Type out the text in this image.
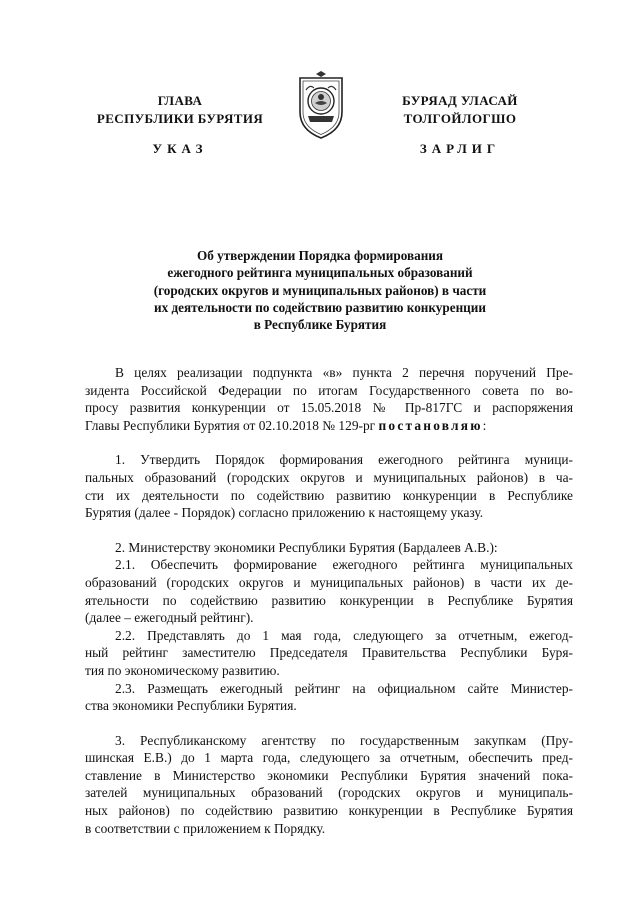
ГЛАВА
РЕСПУБЛИКИ БУРЯТИЯ
УКАЗ
БУРЯАД УЛАСАЙ
ТОЛГОЙЛОГШО
ЗАРЛИГ
Об утверждении Порядка формирования
ежегодного рейтинга муниципальных образований
(городских округов и муниципальных районов) в части
их деятельности по содействию развитию конкуренции
в Республике Бурятия
В целях реализации подпункта «в» пункта 2 перечня поручений Пре-
зидента Российской Федерации по итогам Государственного совета по во-
просу развития конкуренции от 15.05.2018 № Пр-817ГС и распоряжения
Главы Республики Бурятия от 02.10.2018 № 129-рг постановляю:
1. Утвердить Порядок формирования ежегодного рейтинга муници-
пальных образований (городских округов и муниципальных районов) в ча-
сти их деятельности по содействию развитию конкуренции в Республике
Бурятия (далее - Порядок) согласно приложению к настоящему указу.
2. Министерству экономики Республики Бурятия (Бардалеев А.В.):
2.1. Обеспечить формирование ежегодного рейтинга муниципальных
образований (городских округов и муниципальных районов) в части их де-
ятельности по содействию развитию конкуренции в Республике Бурятия
(далее – ежегодный рейтинг).
2.2. Представлять до 1 мая года, следующего за отчетным, ежегод-
ный рейтинг заместителю Председателя Правительства Республики Буря-
тия по экономическому развитию.
2.3. Размещать ежегодный рейтинг на официальном сайте Министер-
ства экономики Республики Бурятия.
3. Республиканскому агентству по государственным закупкам (Пру-
шинская Е.В.) до 1 марта года, следующего за отчетным, обеспечить пред-
ставление в Министерство экономики Республики Бурятия значений пока-
зателей муниципальных образований (городских округов и муниципаль-
ных районов) по содействию развитию конкуренции в Республике Бурятия
в соответствии с приложением к Порядку.
